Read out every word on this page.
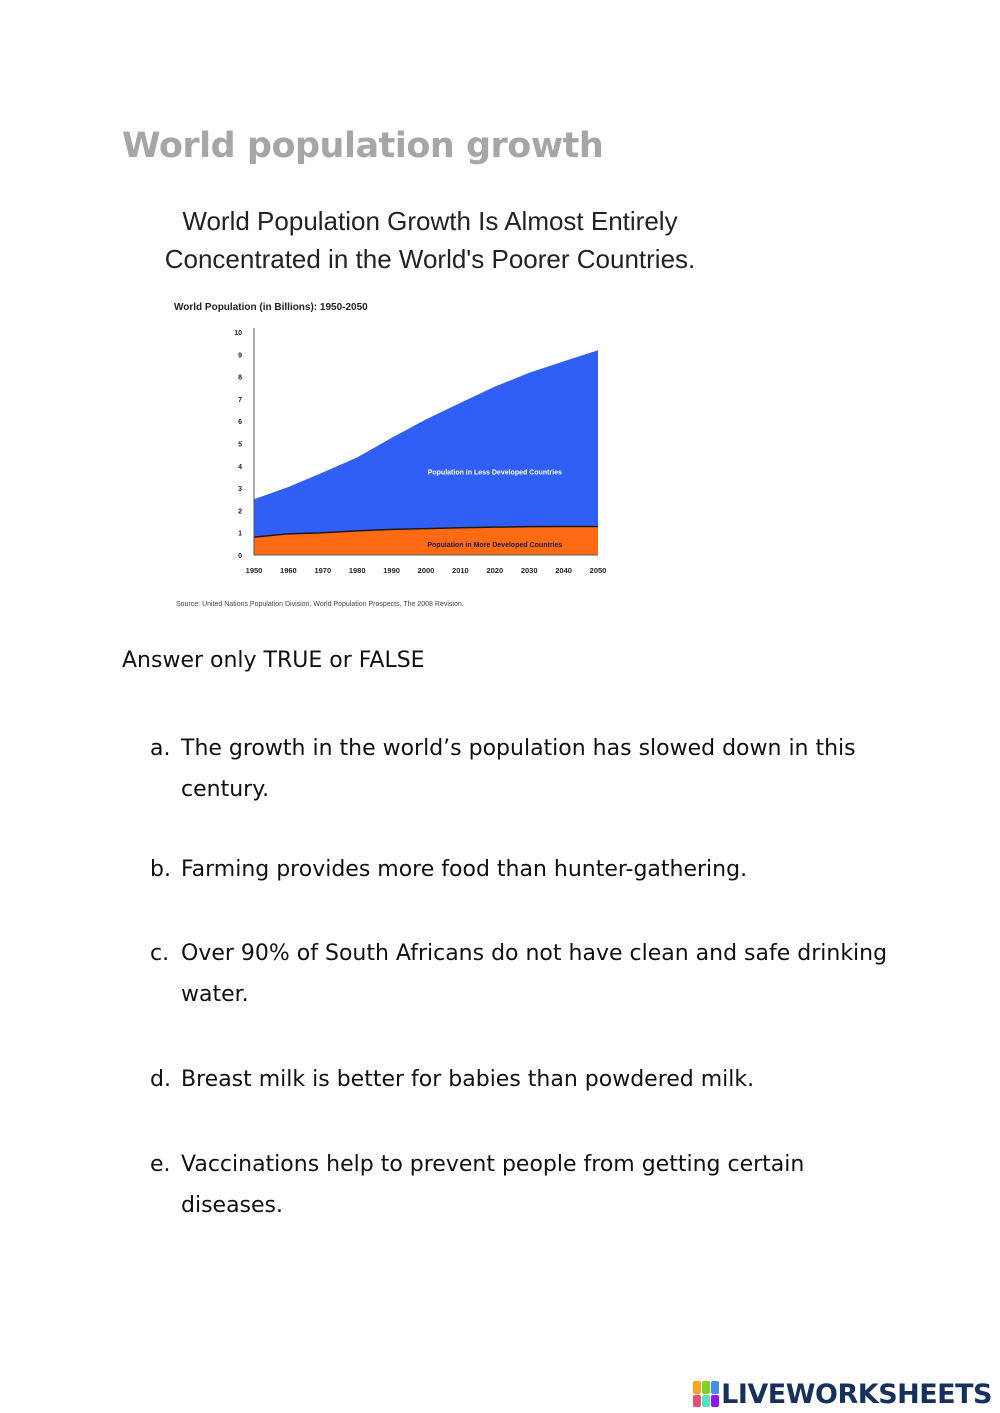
World population growth
World Population Growth Is Almost Entirely Concentrated in the World's Poorer Countries.
World Population (in Billions): 1950-2050
0
1
2
3
4
5
6
7
8
9
10
1950 1960 1970 1980 1990 2000 2010 2020 2030 2040 2050
Population in Less Developed Countries
Population in More Developed Countries
Source: United Nations Population Division, World Population Prospects, The 2008 Revision.
Answer only TRUE or FALSE
a. The growth in the world’s population has slowed down in this century.
b. Farming provides more food than hunter-gathering.
c. Over 90% of South Africans do not have clean and safe drinking water.
d. Breast milk is better for babies than powdered milk.
e. Vaccinations help to prevent people from getting certain diseases.
LIVEWORKSHEETS
